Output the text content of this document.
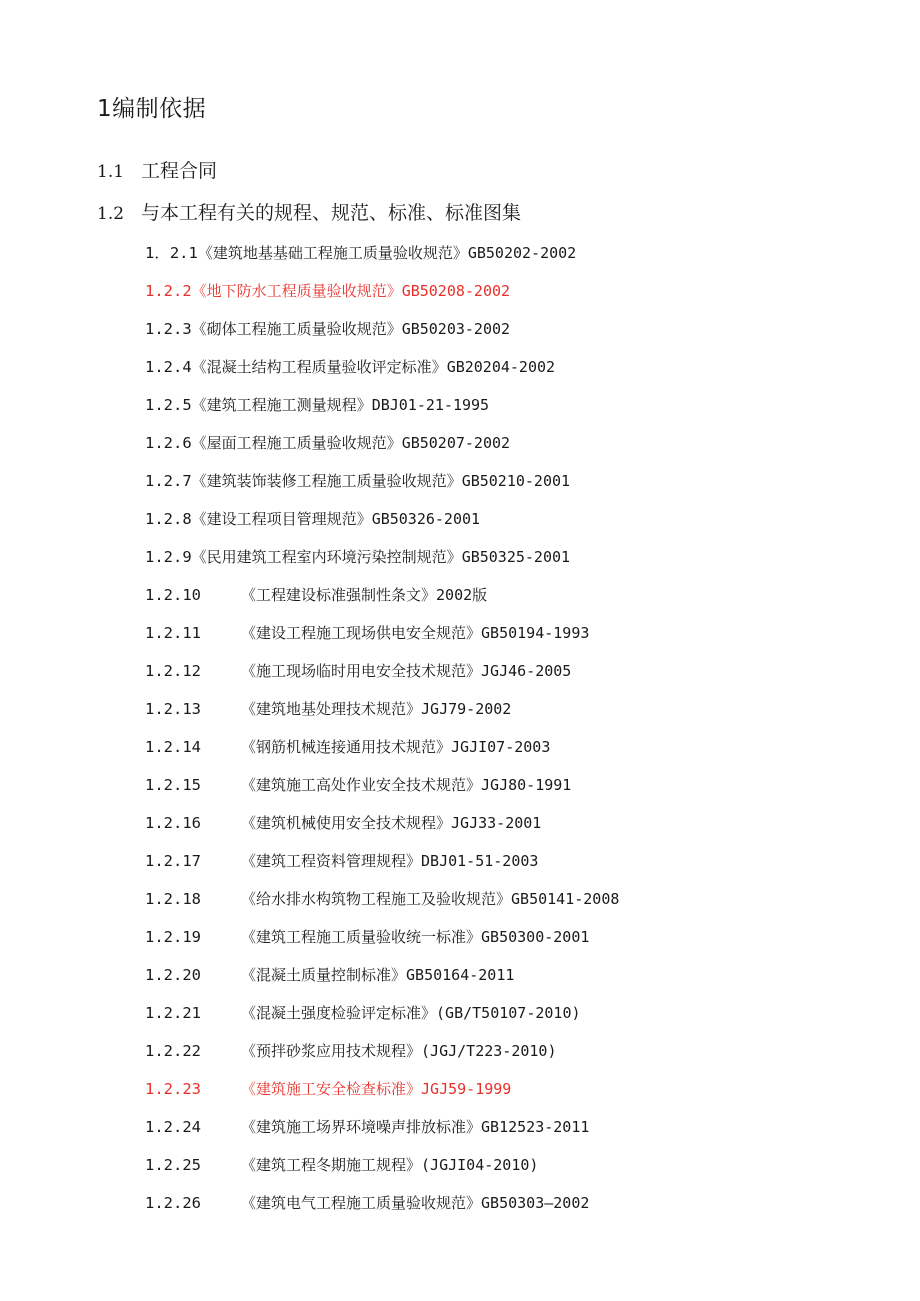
1编制依据
1.1 工程合同
1.2 与本工程有关的规程、规范、标准、标准图集
1．2.1《建筑地基基础工程施工质量验收规范》GB50202-2002
1.2.2《地下防水工程质量验收规范》GB50208-2002
1.2.3《砌体工程施工质量验收规范》GB50203-2002
1.2.4《混凝土结构工程质量验收评定标准》GB20204-2002
1.2.5《建筑工程施工测量规程》DBJ01-21-1995
1.2.6《屋面工程施工质量验收规范》GB50207-2002
1.2.7《建筑装饰装修工程施工质量验收规范》GB50210-2001
1.2.8《建设工程项目管理规范》GB50326-2001
1.2.9《民用建筑工程室内环境污染控制规范》GB50325-2001
1.2.10	《工程建设标准强制性条文》2002版
1.2.11	《建设工程施工现场供电安全规范》GB50194-1993
1.2.12	《施工现场临时用电安全技术规范》JGJ46-2005
1.2.13	《建筑地基处理技术规范》JGJ79-2002
1.2.14	《钢筋机械连接通用技术规范》JGJI07-2003
1.2.15	《建筑施工高处作业安全技术规范》JGJ80-1991
1.2.16	《建筑机械使用安全技术规程》JGJ33-2001
1.2.17	《建筑工程资料管理规程》DBJ01-51-2003
1.2.18	《给水排水构筑物工程施工及验收规范》GB50141-2008
1.2.19	《建筑工程施工质量验收统一标准》GB50300-2001
1.2.20	《混凝土质量控制标准》GB50164-2011
1.2.21	《混凝土强度检验评定标准》(GB/T50107-2010)
1.2.22	《预拌砂浆应用技术规程》(JGJ/T223-2010)
1.2.23	《建筑施工安全检查标准》JGJ59-1999
1.2.24	《建筑施工场界环境噪声排放标准》GB12523-2011
1.2.25	《建筑工程冬期施工规程》(JGJI04-2010)
1.2.26	《建筑电气工程施工质量验收规范》GB50303—2002
